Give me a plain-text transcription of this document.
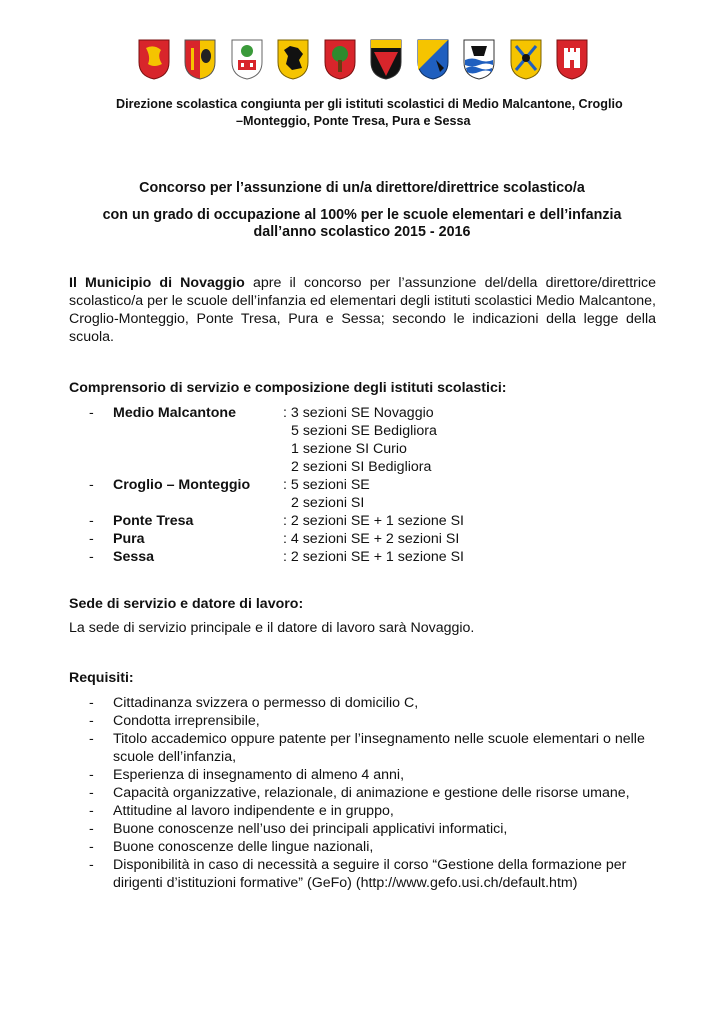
Direzione scolastica congiunta per gli istituti scolastici di Medio Malcantone, Croglio
–Monteggio, Ponte Tresa, Pura e Sessa
Concorso per l’assunzione di un/a direttore/direttrice scolastico/a
con un grado di occupazione al 100% per le scuole elementari e dell’infanzia
dall’anno scolastico 2015 - 2016

Il Municipio di Novaggio apre il concorso per l’assunzione del/della direttore/direttrice scolastico/a per le scuole dell’infanzia ed elementari degli istituti scolastici Medio Malcantone, Croglio-Monteggio, Ponte Tresa, Pura e Sessa; secondo le indicazioni della legge della scuola.

Comprensorio di servizio e composizione degli istituti scolastici:
- Medio Malcantone	: 3 sezioni SE Novaggio
5 sezioni SE Bedigliora
1 sezione SI Curio
2 sezioni SI Bedigliora
- Croglio – Monteggio : 5 sezioni SE
2 sezioni SI
- Ponte Tresa	: 2 sezioni SE + 1 sezione SI
- Pura	: 4 sezioni SE + 2 sezioni SI
- Sessa	: 2 sezioni SE + 1 sezione SI
Sede di servizio e datore di lavoro:
La sede di servizio principale e il datore di lavoro sarà Novaggio.
Requisiti:
- Cittadinanza svizzera o permesso di domicilio C,
- Condotta irreprensibile,
- Titolo accademico oppure patente per l’insegnamento nelle scuole elementari o nelle
scuole dell’infanzia,
- Esperienza di insegnamento di almeno 4 anni,
- Capacità organizzative, relazionale, di animazione e gestione delle risorse umane,
- Attitudine al lavoro indipendente e in gruppo,
- Buone conoscenze nell’uso dei principali applicativi informatici,
- Buone conoscenze delle lingue nazionali,
- Disponibilità in caso di necessità a seguire il corso “Gestione della formazione per
dirigenti d’istituzioni formative” (GeFo) (http://www.gefo.usi.ch/default.htm)
